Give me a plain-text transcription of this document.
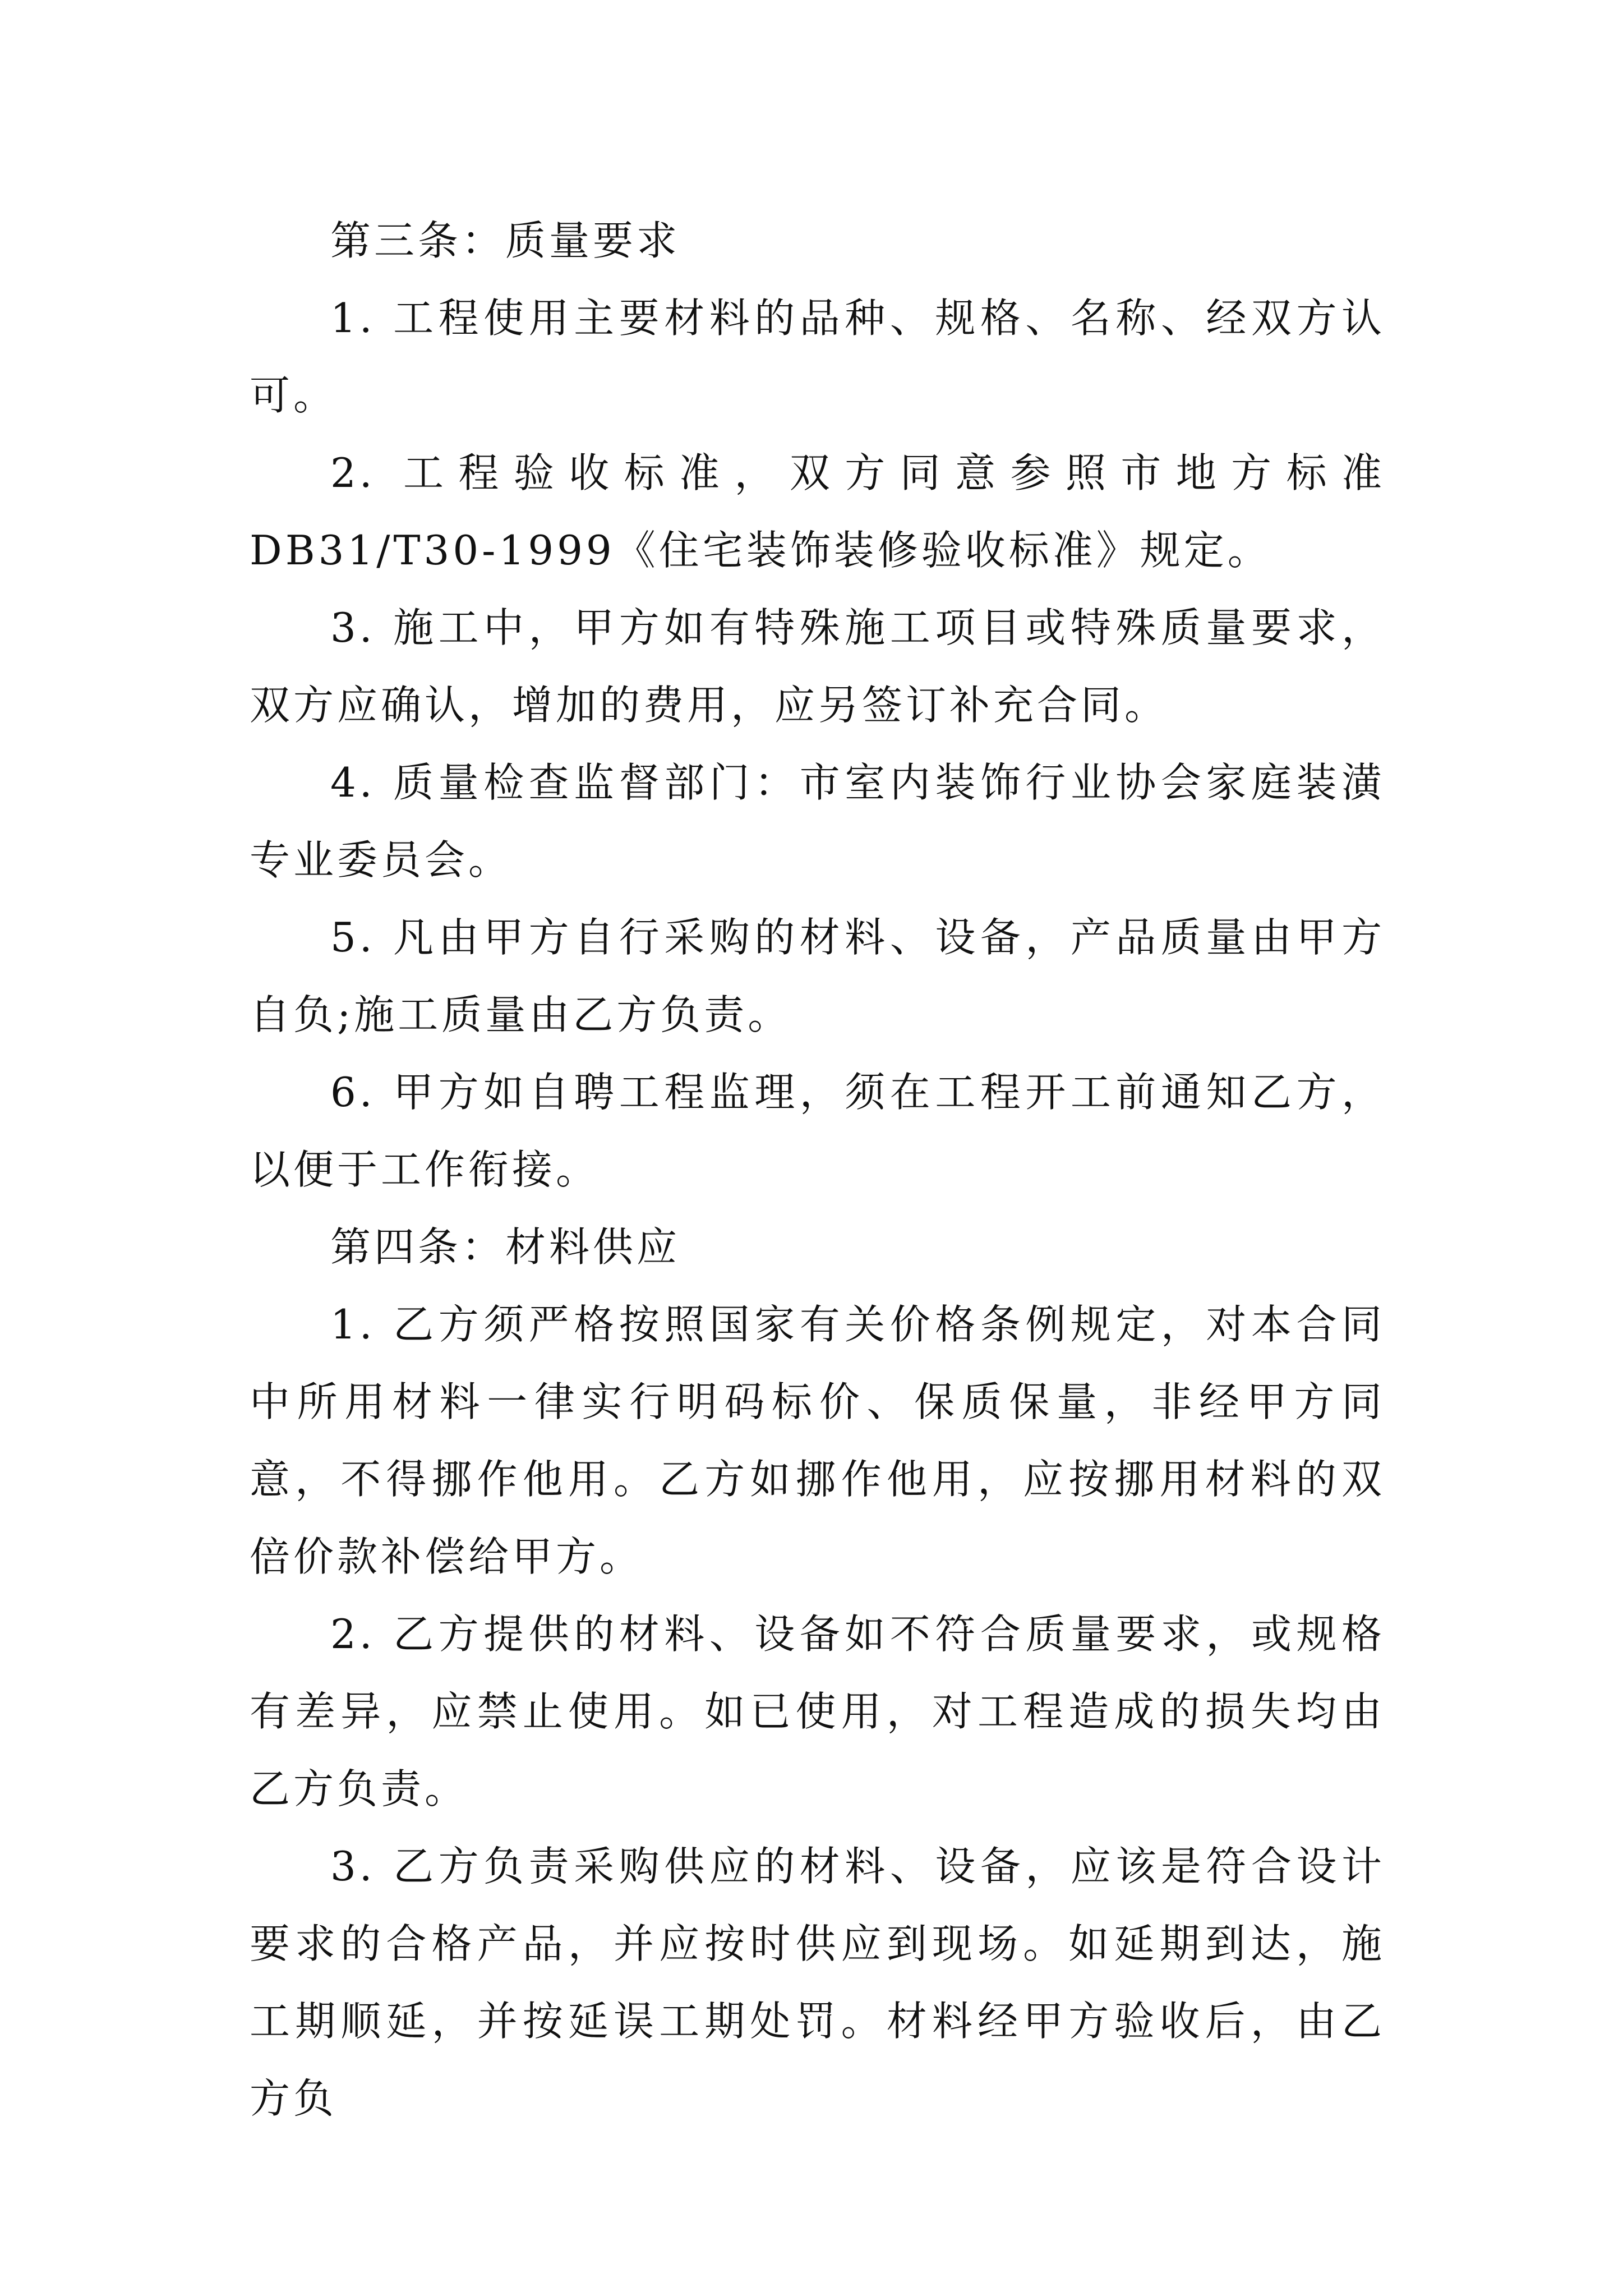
第三条：质量要求

1. 工程使用主要材料的品种、规格、名称、经双方认可。

2. 工程验收标准，双方同意参照市地方标准DB31/T30-1999《住宅装饰装修验收标准》规定。

3. 施工中，甲方如有特殊施工项目或特殊质量要求，双方应确认，增加的费用，应另签订补充合同。

4. 质量检查监督部门：市室内装饰行业协会家庭装潢专业委员会。

5. 凡由甲方自行采购的材料、设备，产品质量由甲方自负;施工质量由乙方负责。

6. 甲方如自聘工程监理，须在工程开工前通知乙方，以便于工作衔接。

第四条：材料供应

1. 乙方须严格按照国家有关价格条例规定，对本合同中所用材料一律实行明码标价、保质保量，非经甲方同意，不得挪作他用。乙方如挪作他用，应按挪用材料的双倍价款补偿给甲方。

2. 乙方提供的材料、设备如不符合质量要求，或规格有差异，应禁止使用。如已使用，对工程造成的损失均由乙方负责。

3. 乙方负责采购供应的材料、设备，应该是符合设计要求的合格产品，并应按时供应到现场。如延期到达，施工期顺延，并按延误工期处罚。材料经甲方验收后，由乙方负
